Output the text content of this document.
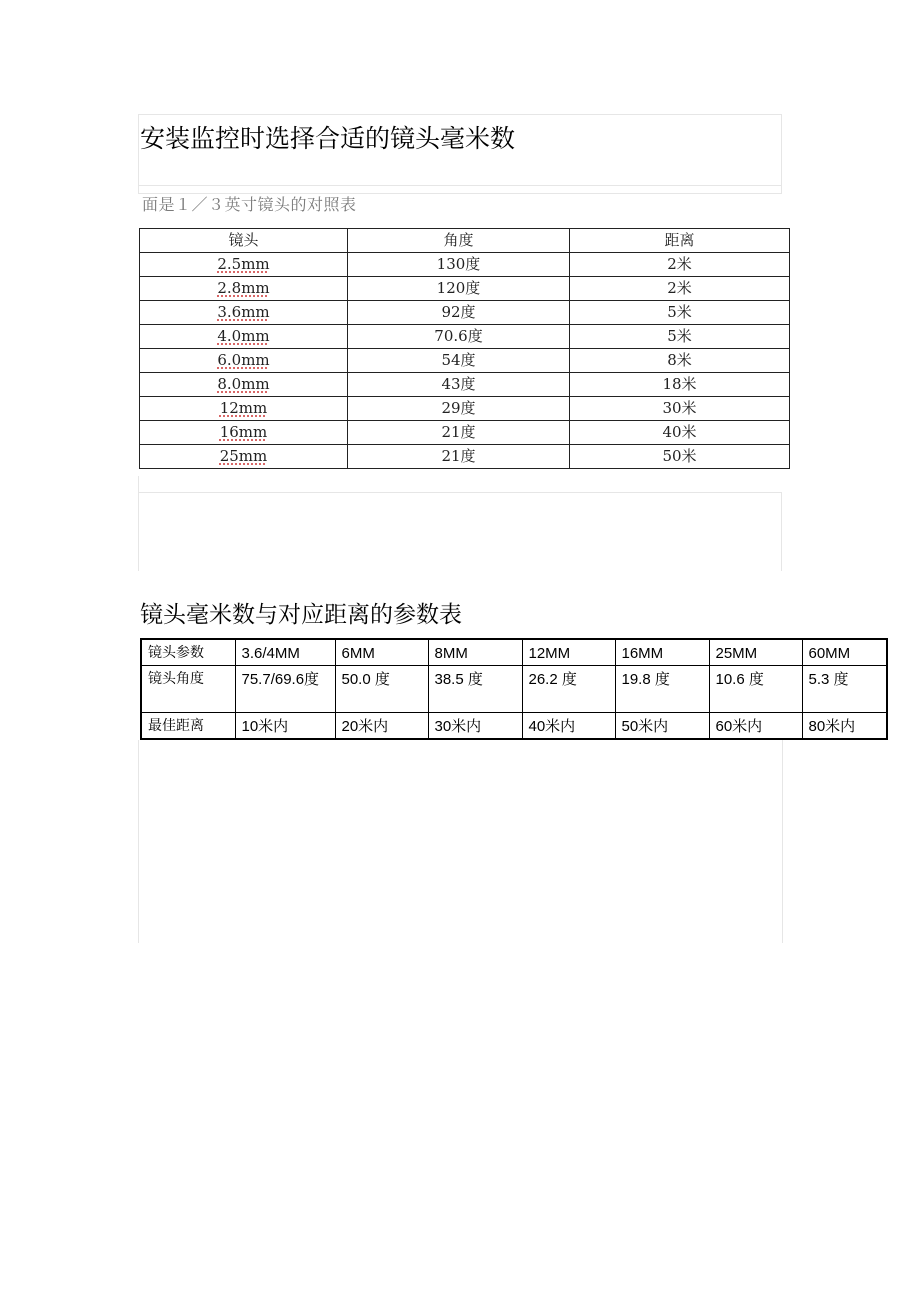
安装监控时选择合适的镜头毫米数
面是１／３英寸镜头的对照表
镜头	角度	距离
2.5mm	130度	2米
2.8mm	120度	2米
3.6mm	92度	5米
4.0mm	70.6度	5米
6.0mm	54度	8米
8.0mm	43度	18米
12mm	29度	30米
16mm	21度	40米
25mm	21度	50米
镜头毫米数与对应距离的参数表
镜头参数	3.6/4MM	6MM	8MM	12MM	16MM	25MM	60MM
镜头角度	75.7/69.6度	50.0 度	38.5 度	26.2 度	19.8 度	10.6 度	5.3 度
最佳距离	10米内	20米内	30米内	40米内	50米内	60米内	80米内
